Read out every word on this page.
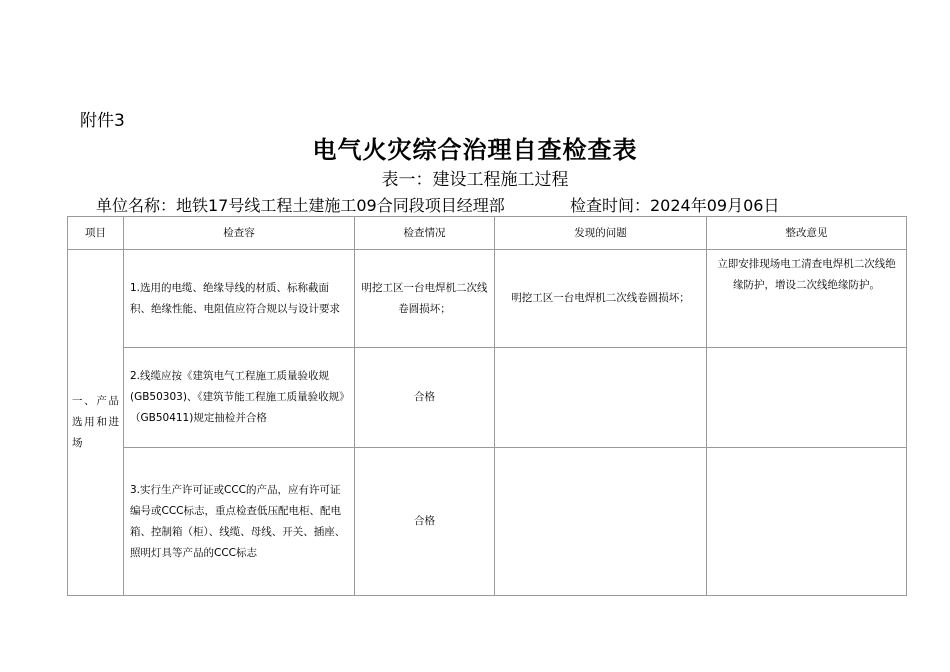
附件3
电气火灾综合治理自查检查表
表一：建设工程施工过程
单位名称：地铁17号线工程土建施工09合同段项目经理部	检查时间：2024年09月06日
项目	检查容	检查情况	发现的问题	整改意见
一、产品选用和进场	1.选用的电缆、绝缘导线的材质、标称截面积、绝缘性能、电阻值应符合规以与设计要求	明挖工区一台电焊机二次线卷圆损坏；	明挖工区一台电焊机二次线卷圆损坏；	立即安排现场电工清查电焊机二次线绝缘防护，增设二次线绝缘防护。
	2.线缆应按《建筑电气工程施工质量验收规(GB50303)、《建筑节能工程施工质量验收规》（GB50411)规定抽检并合格	合格		
	3.实行生产许可证或CCC的产品，应有许可证编号或CCC标志，重点检查低压配电柜、配电箱、控制箱（柜）、线缆、母线、开关、插座、照明灯具等产品的CCC标志	合格		
